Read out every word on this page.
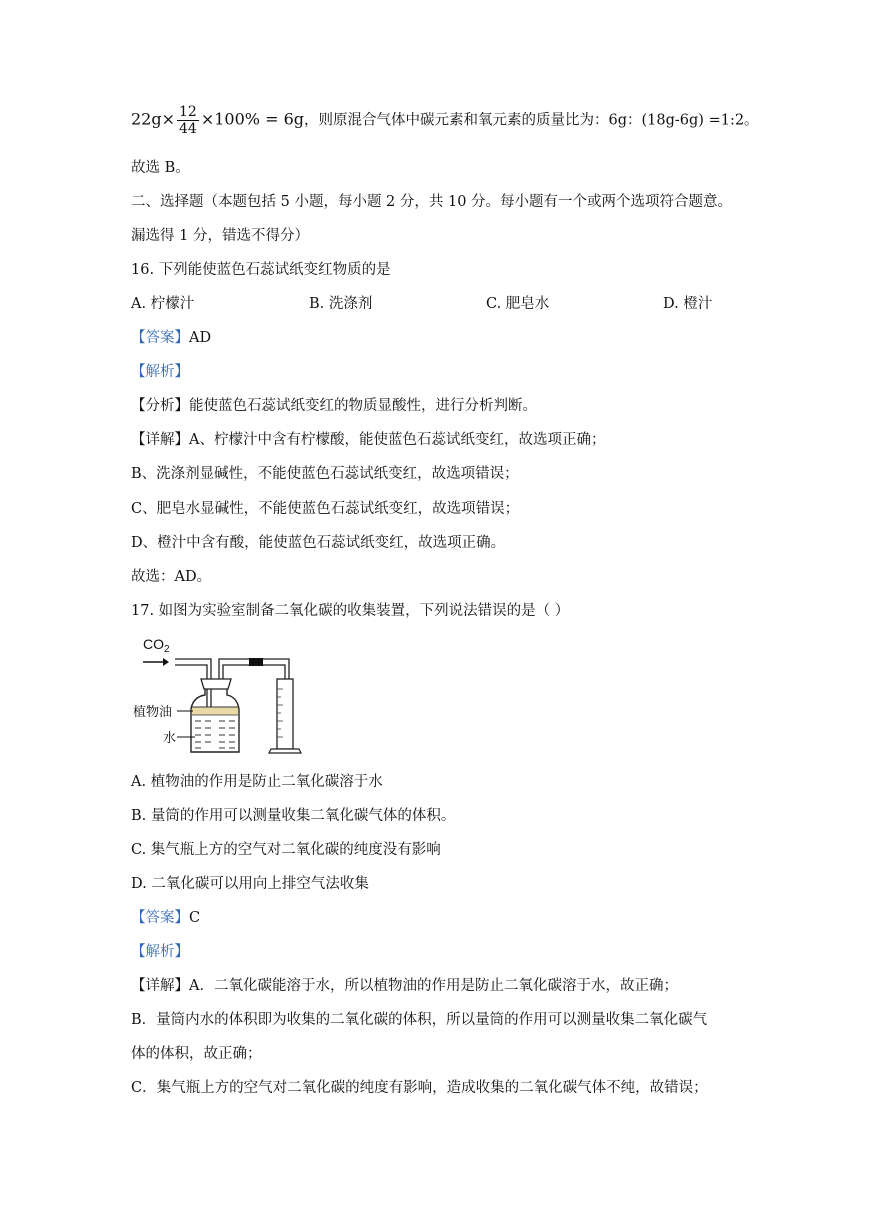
$22g\times \frac{12}{44} \times 100\% = 6g$，则原混合气体中碳元素和氧元素的质量比为：6g：(18g-6g) =1:2。
故选 B。
二、选择题（本题包括 5 小题，每小题 2 分，共 10 分。每小题有一个或两个选项符合题意。
漏选得 1 分，错选不得分）
16. 下列能使蓝色石蕊试纸变红物质的是
A. 柠檬汁	B. 洗涤剂	C. 肥皂水	D. 橙汁
【答案】AD
【解析】
【分析】能使蓝色石蕊试纸变红的物质显酸性，进行分析判断。
【详解】A、柠檬汁中含有柠檬酸，能使蓝色石蕊试纸变红，故选项正确；
B、洗涤剂显碱性，不能使蓝色石蕊试纸变红，故选项错误；
C、肥皂水显碱性，不能使蓝色石蕊试纸变红，故选项错误；
D、橙汁中含有酸，能使蓝色石蕊试纸变红，故选项正确。
故选：AD。
17. 如图为实验室制备二氧化碳的收集装置，下列说法错误的是（ ）
$CO_2$
植物油
水
A. 植物油的作用是防止二氧化碳溶于水
B. 量筒的作用可以测量收集二氧化碳气体的体积。
C. 集气瓶上方的空气对二氧化碳的纯度没有影响
D. 二氧化碳可以用向上排空气法收集
【答案】C
【解析】
【详解】A．二氧化碳能溶于水，所以植物油的作用是防止二氧化碳溶于水，故正确；
B．量筒内水的体积即为收集的二氧化碳的体积，所以量筒的作用可以测量收集二氧化碳气
体的体积，故正确；
C．集气瓶上方的空气对二氧化碳的纯度有影响，造成收集的二氧化碳气体不纯，故错误；
